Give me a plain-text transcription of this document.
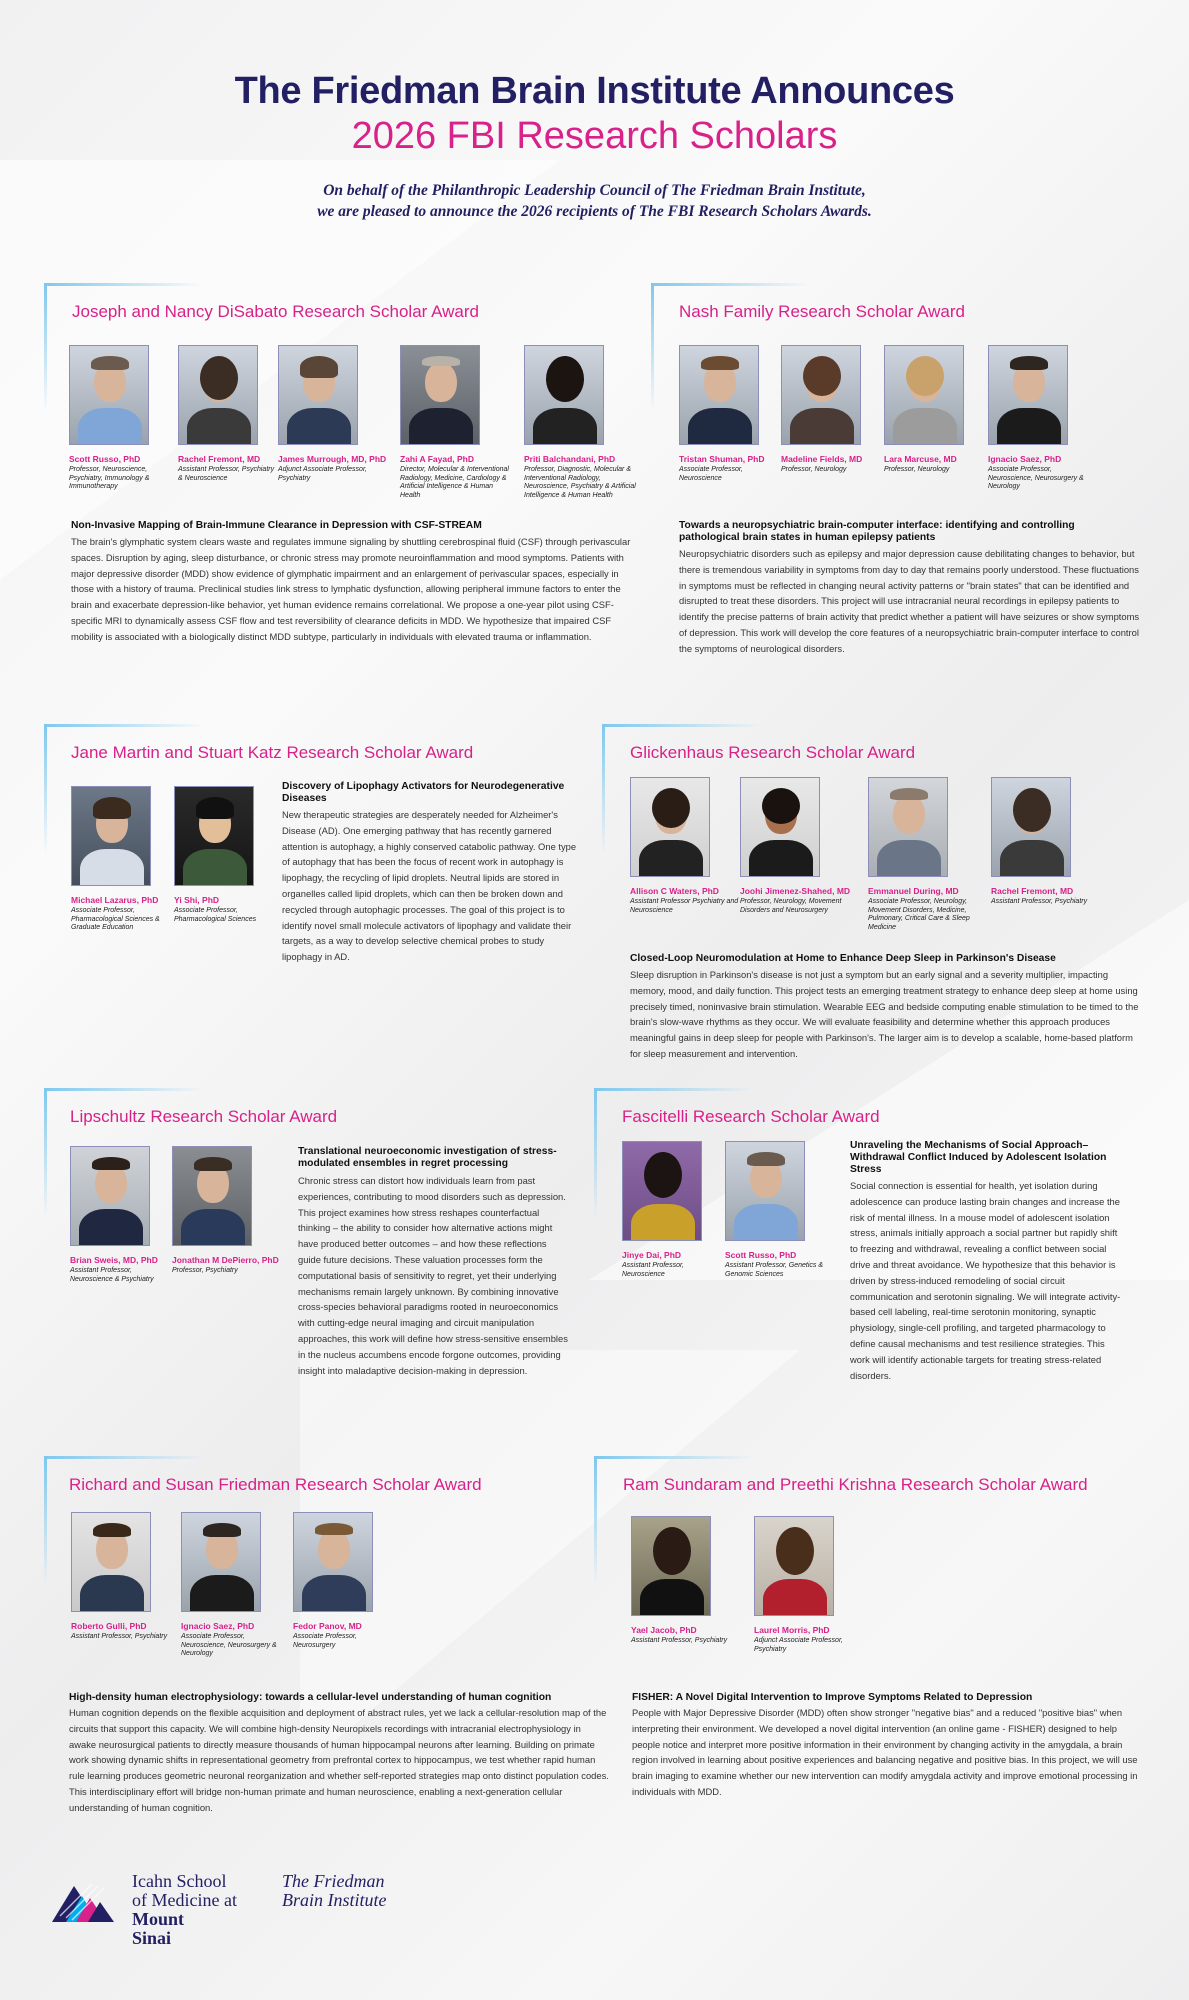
The Friedman Brain Institute Announces
2026 FBI Research Scholars
On behalf of the Philanthropic Leadership Council of The Friedman Brain Institute,
we are pleased to announce the 2026 recipients of The FBI Research Scholars Awards.
Joseph and Nancy DiSabato Research Scholar Award
Scott Russo, PhD
Professor, Neuroscience, Psychiatry, Immunology & Immunotherapy
Rachel Fremont, MD
Assistant Professor, Psychiatry & Neuroscience
James Murrough, MD, PhD
Adjunct Associate Professor, Psychiatry
Zahi A Fayad, PhD
Director, Molecular & Interventional Radiology, Medicine, Cardiology & Artificial Intelligence & Human Health
Priti Balchandani, PhD
Professor, Diagnostic, Molecular & Interventional Radiology, Neuroscience, Psychiatry & Artificial Intelligence & Human Health
Non-Invasive Mapping of Brain-Immune Clearance in Depression with CSF-STREAM
The brain's glymphatic system clears waste and regulates immune signaling by shuttling cerebrospinal fluid (CSF) through perivascular spaces. Disruption by aging, sleep disturbance, or chronic stress may promote neuroinflammation and mood symptoms. Patients with major depressive disorder (MDD) show evidence of glymphatic impairment and an enlargement of perivascular spaces, especially in those with a history of trauma. Preclinical studies link stress to lymphatic dysfunction, allowing peripheral immune factors to enter the brain and exacerbate depression-like behavior, yet human evidence remains correlational. We propose a one-year pilot using CSF-specific MRI to dynamically assess CSF flow and test reversibility of clearance deficits in MDD. We hypothesize that impaired CSF mobility is associated with a biologically distinct MDD subtype, particularly in individuals with elevated trauma or inflammation.
Nash Family Research Scholar Award
Tristan Shuman, PhD
Associate Professor, Neuroscience
Madeline Fields, MD
Professor, Neurology
Lara Marcuse, MD
Professor, Neurology
Ignacio Saez, PhD
Associate Professor, Neuroscience, Neurosurgery & Neurology
Towards a neuropsychiatric brain-computer interface: identifying and controlling pathological brain states in human epilepsy patients
Neuropsychiatric disorders such as epilepsy and major depression cause debilitating changes to behavior, but there is tremendous variability in symptoms from day to day that remains poorly understood. These fluctuations in symptoms must be reflected in changing neural activity patterns or "brain states" that can be identified and disrupted to treat these disorders. This project will use intracranial neural recordings in epilepsy patients to identify the precise patterns of brain activity that predict whether a patient will have seizures or show symptoms of depression. This work will develop the core features of a neuropsychiatric brain-computer interface to control the symptoms of neurological disorders.
Jane Martin and Stuart Katz Research Scholar Award
Michael Lazarus, PhD
Associate Professor, Pharmacological Sciences & Graduate Education
Yi Shi, PhD
Associate Professor, Pharmacological Sciences
Discovery of Lipophagy Activators for Neurodegenerative Diseases
New therapeutic strategies are desperately needed for Alzheimer's Disease (AD). One emerging pathway that has recently garnered attention is autophagy, a highly conserved catabolic pathway. One type of autophagy that has been the focus of recent work in autophagy is lipophagy, the recycling of lipid droplets. Neutral lipids are stored in organelles called lipid droplets, which can then be broken down and recycled through autophagic processes. The goal of this project is to identify novel small molecule activators of lipophagy and validate their targets, as a way to develop selective chemical probes to study lipophagy in AD.
Glickenhaus Research Scholar Award
Allison C Waters, PhD
Assistant Professor Psychiatry and Neuroscience
Joohi Jimenez-Shahed, MD
Professor, Neurology, Movement Disorders and Neurosurgery
Emmanuel During, MD
Associate Professor, Neurology, Movement Disorders, Medicine, Pulmonary, Critical Care & Sleep Medicine
Rachel Fremont, MD
Assistant Professor, Psychiatry
Closed-Loop Neuromodulation at Home to Enhance Deep Sleep in Parkinson's Disease
Sleep disruption in Parkinson's disease is not just a symptom but an early signal and a severity multiplier, impacting memory, mood, and daily function. This project tests an emerging treatment strategy to enhance deep sleep at home using precisely timed, noninvasive brain stimulation. Wearable EEG and bedside computing enable stimulation to be timed to the brain's slow-wave rhythms as they occur. We will evaluate feasibility and determine whether this approach produces meaningful gains in deep sleep for people with Parkinson's. The larger aim is to develop a scalable, home-based platform for sleep measurement and intervention.
Lipschultz Research Scholar Award
Brian Sweis, MD, PhD
Assistant Professor, Neuroscience & Psychiatry
Jonathan M DePierro, PhD
Professor, Psychiatry
Translational neuroeconomic investigation of stress-modulated ensembles in regret processing
Chronic stress can distort how individuals learn from past experiences, contributing to mood disorders such as depression. This project examines how stress reshapes counterfactual thinking – the ability to consider how alternative actions might have produced better outcomes – and how these reflections guide future decisions. These valuation processes form the computational basis of sensitivity to regret, yet their underlying mechanisms remain largely unknown. By combining innovative cross-species behavioral paradigms rooted in neuroeconomics with cutting-edge neural imaging and circuit manipulation approaches, this work will define how stress-sensitive ensembles in the nucleus accumbens encode forgone outcomes, providing insight into maladaptive decision-making in depression.
Fascitelli Research Scholar Award
Jinye Dai, PhD
Assistant Professor, Neuroscience
Scott Russo, PhD
Assistant Professor, Genetics & Genomic Sciences
Unraveling the Mechanisms of Social Approach–Withdrawal Conflict Induced by Adolescent Isolation Stress
Social connection is essential for health, yet isolation during adolescence can produce lasting brain changes and increase the risk of mental illness. In a mouse model of adolescent isolation stress, animals initially approach a social partner but rapidly shift to freezing and withdrawal, revealing a conflict between social drive and threat avoidance. We hypothesize that this behavior is driven by stress-induced remodeling of social circuit communication and serotonin signaling. We will integrate activity-based cell labeling, real-time serotonin monitoring, synaptic physiology, single-cell profiling, and targeted pharmacology to define causal mechanisms and test resilience strategies. This work will identify actionable targets for treating stress-related disorders.
Richard and Susan Friedman Research Scholar Award
Roberto Gulli, PhD
Assistant Professor, Psychiatry
Ignacio Saez, PhD
Associate Professor, Neuroscience, Neurosurgery & Neurology
Fedor Panov, MD
Associate Professor, Neurosurgery
High-density human electrophysiology: towards a cellular-level understanding of human cognition
Human cognition depends on the flexible acquisition and deployment of abstract rules, yet we lack a cellular-resolution map of the circuits that support this capacity. We will combine high-density Neuropixels recordings with intracranial electrophysiology in awake neurosurgical patients to directly measure thousands of human hippocampal neurons after learning. Building on primate work showing dynamic shifts in representational geometry from prefrontal cortex to hippocampus, we test whether rapid human rule learning produces geometric neuronal reorganization and whether self-reported strategies map onto distinct population codes. This interdisciplinary effort will bridge non-human primate and human neuroscience, enabling a next-generation cellular understanding of human cognition.
Ram Sundaram and Preethi Krishna Research Scholar Award
Yael Jacob, PhD
Assistant Professor, Psychiatry
Laurel Morris, PhD
Adjunct Associate Professor, Psychiatry
FISHER: A Novel Digital Intervention to Improve Symptoms Related to Depression
People with Major Depressive Disorder (MDD) often show stronger "negative bias" and a reduced "positive bias" when interpreting their environment. We developed a novel digital intervention (an online game - FISHER) designed to help people notice and interpret more positive information in their environment by changing activity in the amygdala, a brain region involved in learning about positive experiences and balancing negative and positive bias. In this project, we will use brain imaging to examine whether our new intervention can modify amygdala activity and improve emotional processing in individuals with MDD.
Icahn School
of Medicine at
Mount
Sinai
The Friedman
Brain Institute
